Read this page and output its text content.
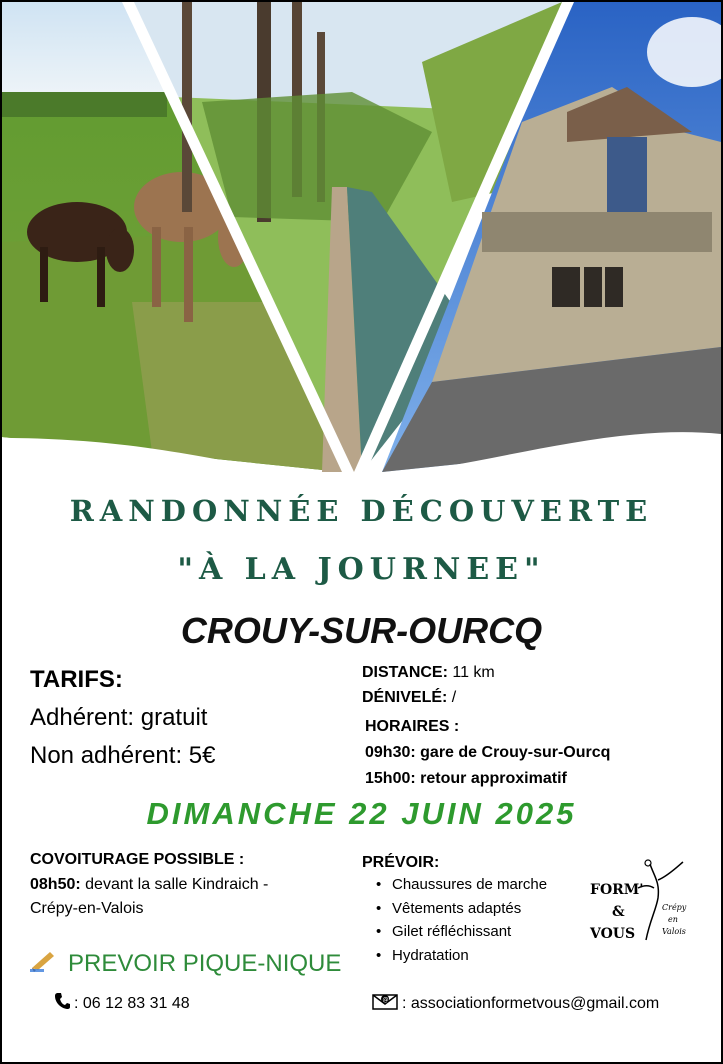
RANDONNÉE DÉCOUVERTE
"À LA JOURNEE"
CROUY-SUR-OURCQ
TARIFS:
Adhérent: gratuit
Non adhérent: 5€
DISTANCE: 11 km
DÉNIVELÉ: /
HORAIRES :
09h30: gare de Crouy-sur-Ourcq
15h00: retour approximatif
DIMANCHE 22 JUIN 2025
COVOITURAGE POSSIBLE :
08h50: devant la salle Kindraich -
Crépy-en-Valois
PRÉVOIR:
• Chaussures de marche
• Vêtements adaptés
• Gilet réfléchissant
• Hydratation
FORM'
&
VOUS
Crépy
en
Valois
PREVOIR PIQUE-NIQUE
: 06 12 83 31 48	@ : associationformetvous@gmail.com
